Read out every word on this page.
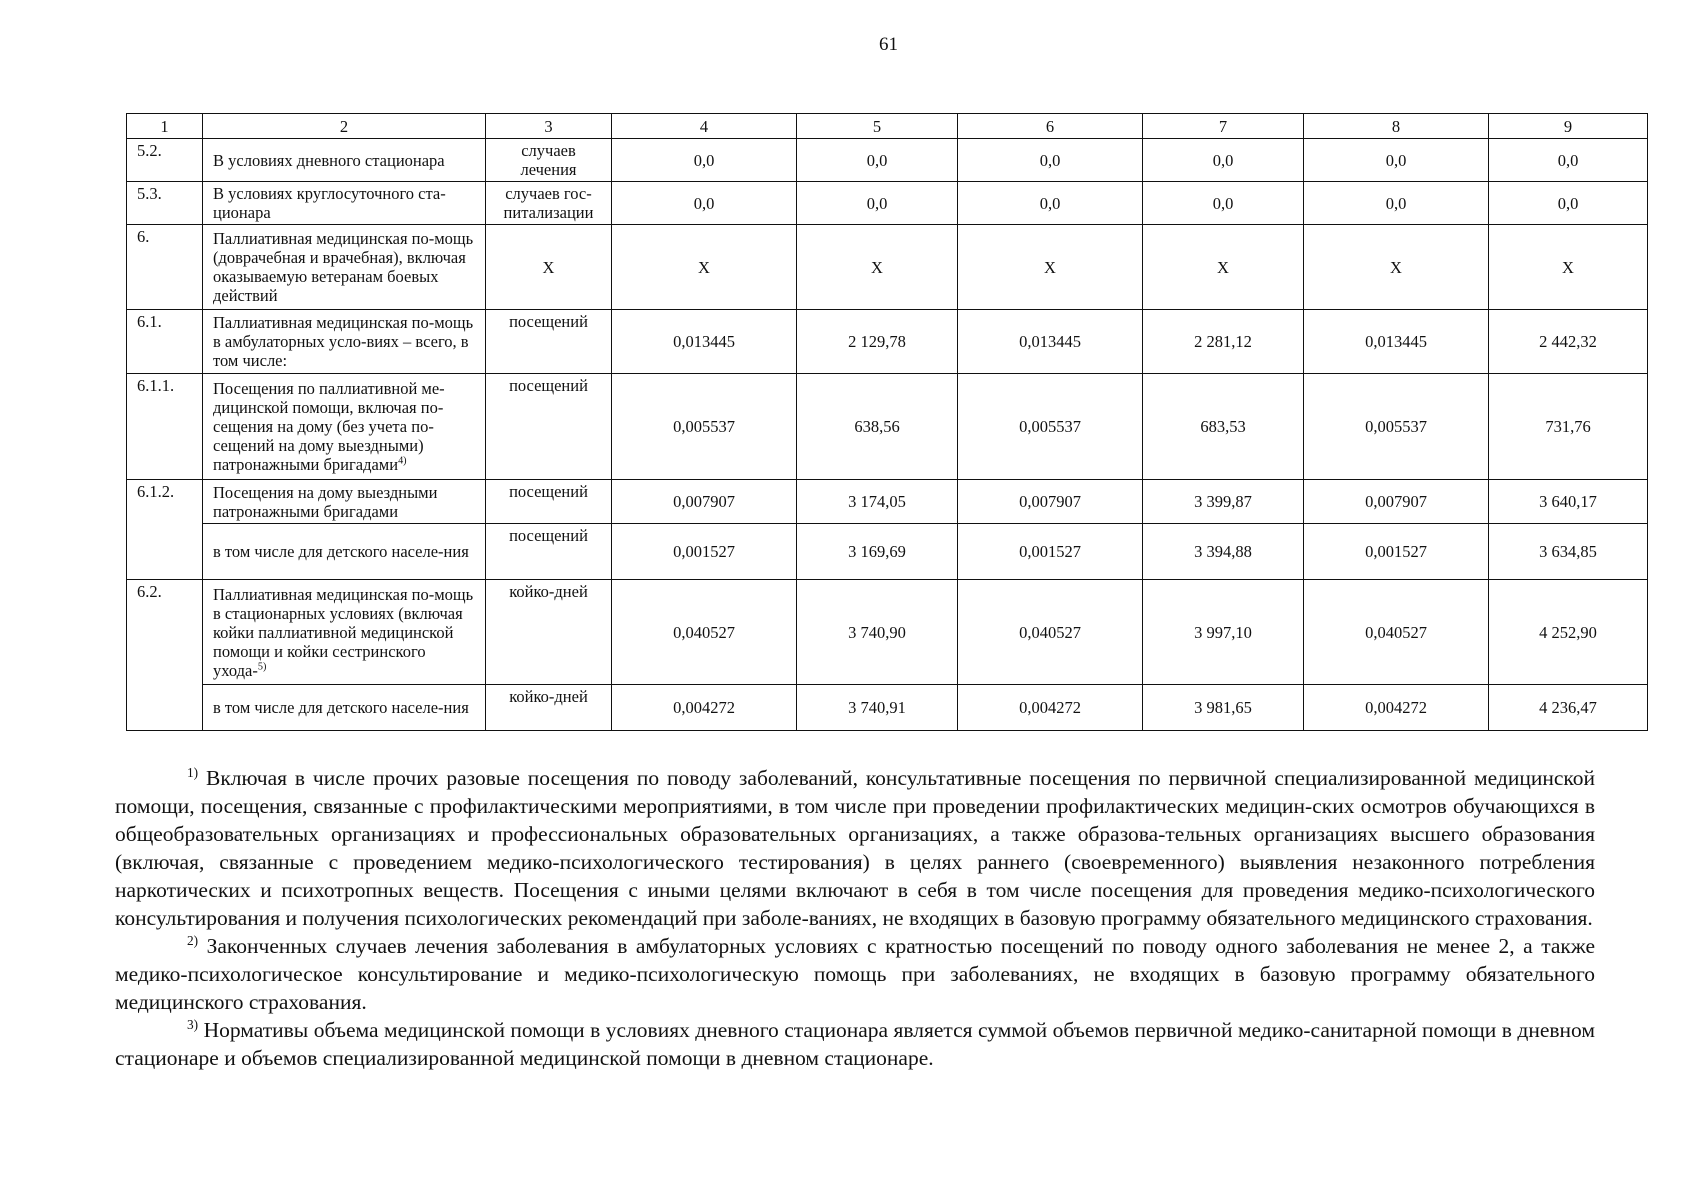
61
1	2	3	4	5	6	7	8	9
5.2.	В условиях дневного стационара	случаев лечения	0,0	0,0	0,0	0,0	0,0	0,0
5.3.	В условиях круглосуточного ста-ционара	случаев гос-питализации	0,0	0,0	0,0	0,0	0,0	0,0
6.	Паллиативная медицинская по-мощь (доврачебная и врачебная), включая оказываемую ветеранам боевых действий	Х	Х	Х	Х	Х	Х	Х
6.1.	Паллиативная медицинская по-мощь в амбулаторных усло-виях – всего, в том числе:	посещений	0,013445	2 129,78	0,013445	2 281,12	0,013445	2 442,32
6.1.1.	Посещения по паллиативной ме-дицинской помощи, включая по-сещения на дому (без учета по-сещений на дому выездными) патронажными бригадами$^{4)}$	посещений	0,005537	638,56	0,005537	683,53	0,005537	731,76
6.1.2.	Посещения на дому выездными патронажными бригадами	посещений	0,007907	3 174,05	0,007907	3 399,87	0,007907	3 640,17
	в том числе для детского населе-ния	посещений	0,001527	3 169,69	0,001527	3 394,88	0,001527	3 634,85
6.2.	Паллиативная медицинская по-мощь в стационарных условиях (включая койки паллиативной медицинской помощи и койки сестринского ухода-$^{5)}$	койко-дней	0,040527	3 740,90	0,040527	3 997,10	0,040527	4 252,90
	в том числе для детского населе-ния	койко-дней	0,004272	3 740,91	0,004272	3 981,65	0,004272	4 236,47

$^{1)}$ Включая в числе прочих разовые посещения по поводу заболеваний, консультативные посещения по первичной специализированной медицинской помощи, посещения, связанные с профилактическими мероприятиями, в том числе при проведении профилактических медицин-ских осмотров обучающихся в общеобразовательных организациях и профессиональных образовательных организациях, а также образова-тельных организациях высшего образования (включая, связанные с проведением медико-психологического тестирования) в целях раннего (своевременного) выявления незаконного потребления наркотических и психотропных веществ. Посещения с иными целями включают в себя в том числе посещения для проведения медико-психологического консультирования и получения психологических рекомендаций при заболе-ваниях, не входящих в базовую программу обязательного медицинского страхования.

$^{2)}$ Законченных случаев лечения заболевания в амбулаторных условиях с кратностью посещений по поводу одного заболевания не менее 2, а также медико-психологическое консультирование и медико-психологическую помощь при заболеваниях, не входящих в базовую программу обязательного медицинского страхования.

$^{3)}$ Нормативы объема медицинской помощи в условиях дневного стационара является суммой объемов первичной медико-санитарной помощи в дневном стационаре и объемов специализированной медицинской помощи в дневном стационаре.
